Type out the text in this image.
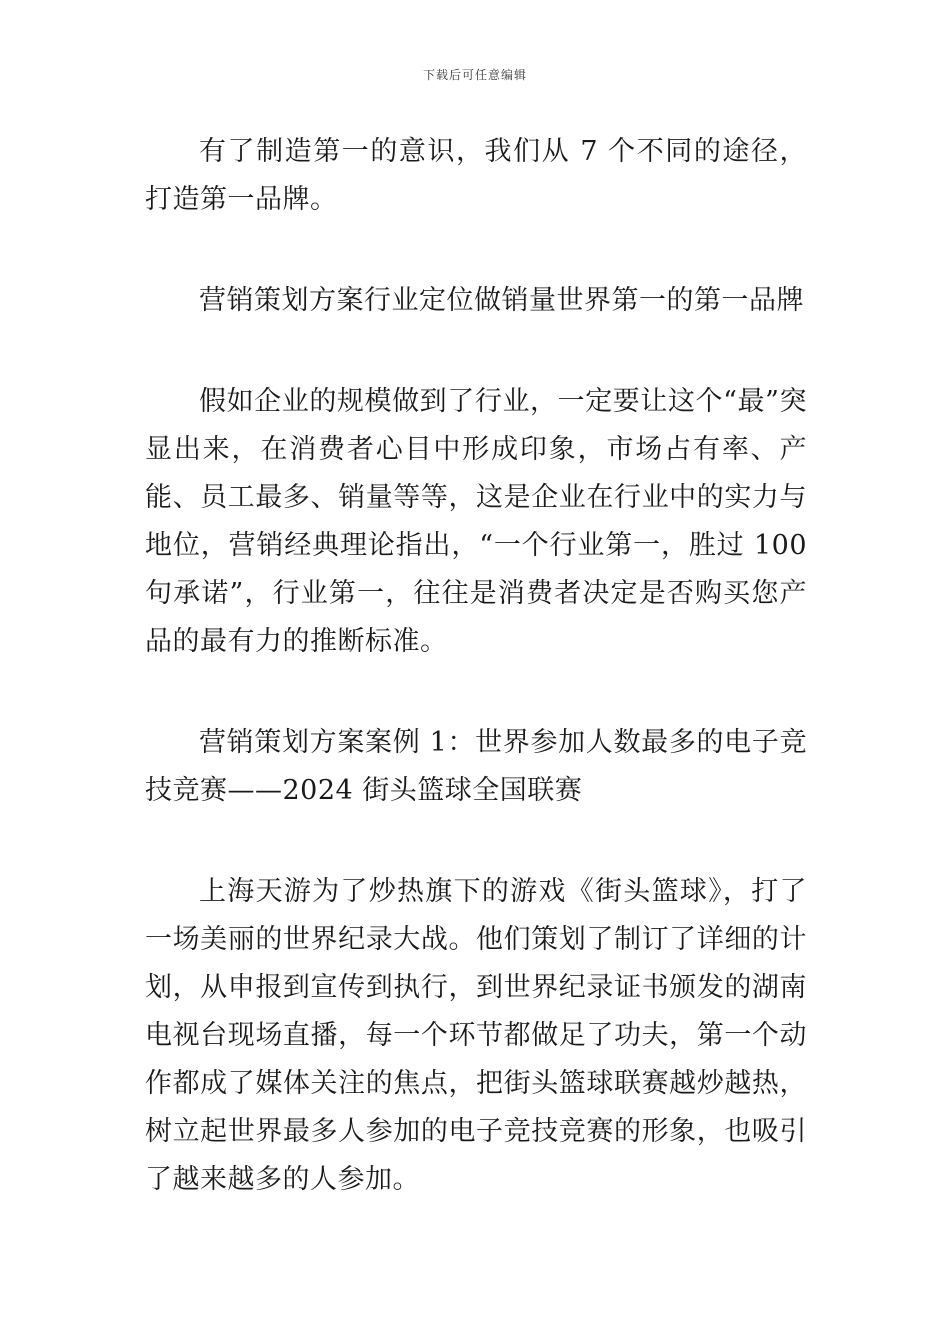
下载后可任意编辑

有了制造第一的意识，我们从 7 个不同的途径，打造第一品牌。

营销策划方案行业定位做销量世界第一的第一品牌

假如企业的规模做到了行业，一定要让这个“最”突显出来，在消费者心目中形成印象，市场占有率、产能、员工最多、销量等等，这是企业在行业中的实力与地位，营销经典理论指出，“一个行业第一，胜过 100 句承诺”，行业第一，往往是消费者决定是否购买您产品的最有力的推断标准。

营销策划方案案例 1：世界参加人数最多的电子竞技竞赛——2024 街头篮球全国联赛

上海天游为了炒热旗下的游戏《街头篮球》，打了一场美丽的世界纪录大战。他们策划了制订了详细的计划，从申报到宣传到执行，到世界纪录证书颁发的湖南电视台现场直播，每一个环节都做足了功夫，第一个动作都成了媒体关注的焦点，把街头篮球联赛越炒越热，树立起世界最多人参加的电子竞技竞赛的形象，也吸引了越来越多的人参加。
